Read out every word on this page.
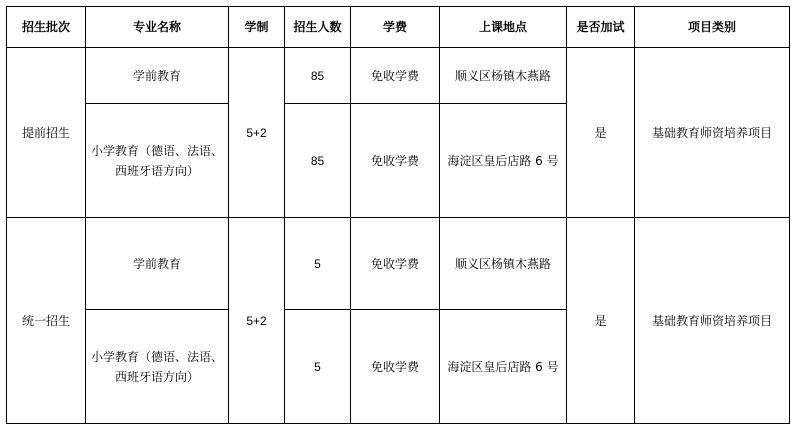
招生批次	专业名称	学制	招生人数	学费	上课地点	是否加试	项目类别
提前招生	学前教育	5+2	85	免收学费	顺义区杨镇木燕路	是	基础教育师资培养项目
	小学教育（德语、法语、西班牙语方向）		85	免收学费	海淀区皇后店路 6 号		
统一招生	学前教育	5+2	5	免收学费	顺义区杨镇木燕路	是	基础教育师资培养项目
	小学教育（德语、法语、西班牙语方向）		5	免收学费	海淀区皇后店路 6 号		
